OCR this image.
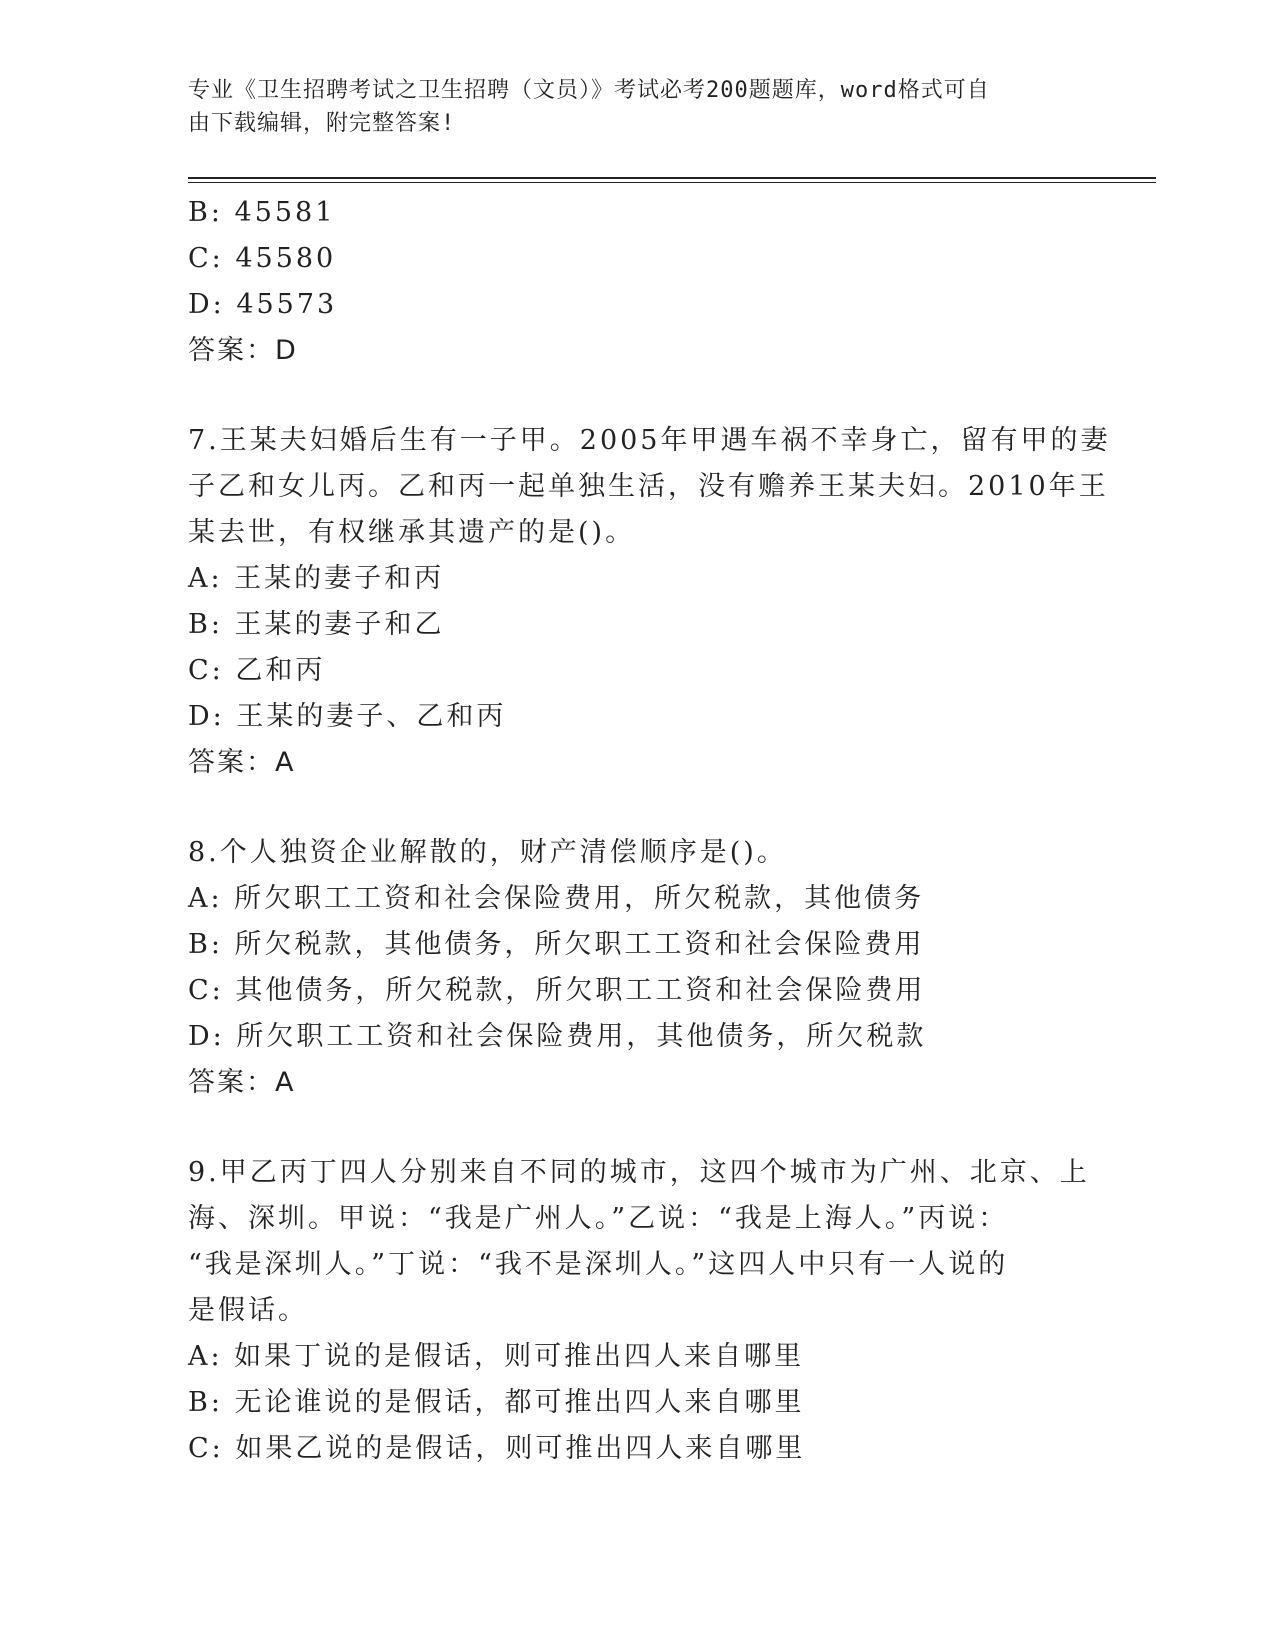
专业《卫生招聘考试之卫生招聘（文员）》考试必考200题题库，word格式可自
由下载编辑，附完整答案!
B: 45581
C: 45580
D: 45573
答案：D
7.王某夫妇婚后生有一子甲。2005年甲遇车祸不幸身亡，留有甲的妻
子乙和女儿丙。乙和丙一起单独生活，没有赡养王某夫妇。2010年王
某去世，有权继承其遗产的是()。
A: 王某的妻子和丙
B: 王某的妻子和乙
C: 乙和丙
D: 王某的妻子、乙和丙
答案：A
8.个人独资企业解散的，财产清偿顺序是()。
A: 所欠职工工资和社会保险费用，所欠税款，其他债务
B: 所欠税款，其他债务，所欠职工工资和社会保险费用
C: 其他债务，所欠税款，所欠职工工资和社会保险费用
D: 所欠职工工资和社会保险费用，其他债务，所欠税款
答案：A
9.甲乙丙丁四人分别来自不同的城市，这四个城市为广州、北京、上
海、深圳。甲说：“我是广州人。”乙说：“我是上海人。”丙说：
“我是深圳人。”丁说：“我不是深圳人。”这四人中只有一人说的
是假话。
A: 如果丁说的是假话，则可推出四人来自哪里
B: 无论谁说的是假话，都可推出四人来自哪里
C: 如果乙说的是假话，则可推出四人来自哪里
